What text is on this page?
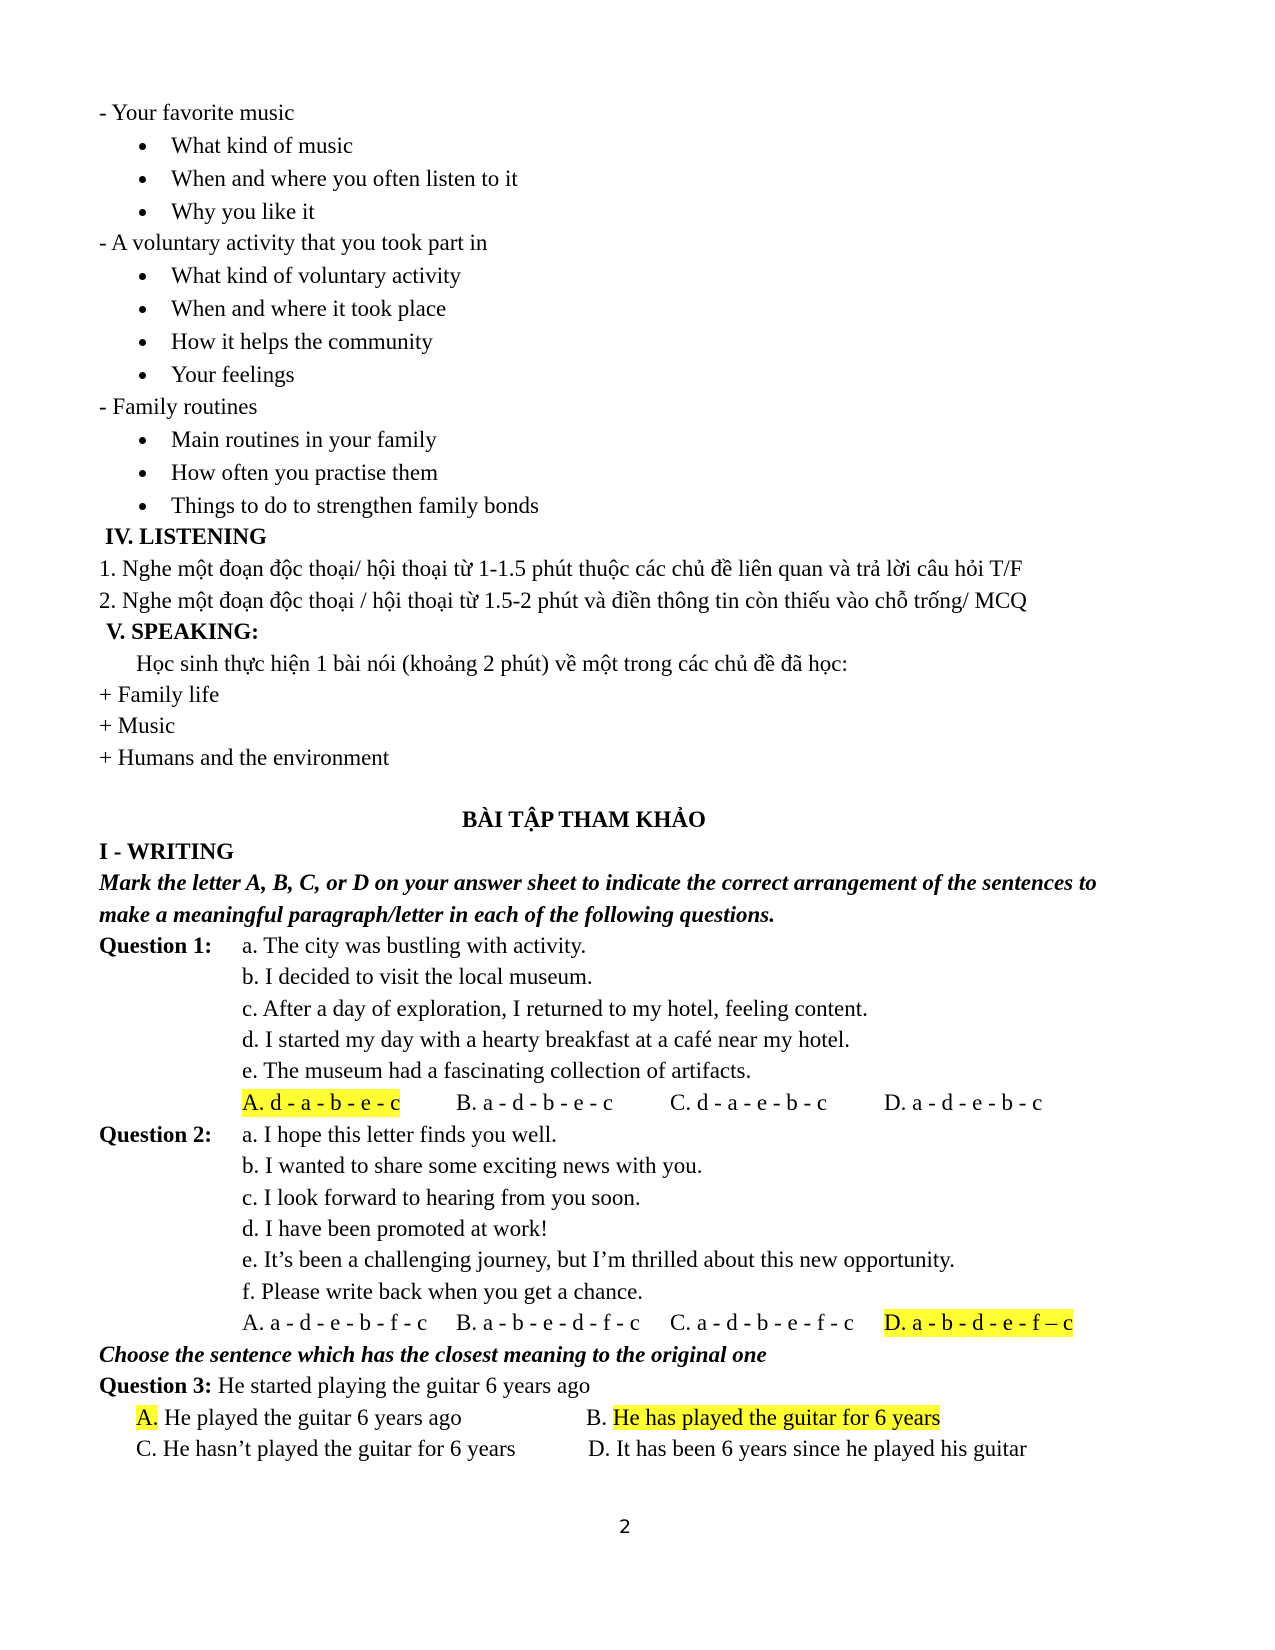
- Your favorite music
What kind of music
When and where you often listen to it
Why you like it
- A voluntary activity that you took part in
What kind of voluntary activity
When and where it took place
How it helps the community
Your feelings
- Family routines
Main routines in your family
How often you practise them
Things to do to strengthen family bonds
IV. LISTENING
1. Nghe một đoạn độc thoại/ hội thoại từ 1-1.5 phút thuộc các chủ đề liên quan và trả lời câu hỏi T/F
2. Nghe một đoạn độc thoại / hội thoại từ 1.5-2 phút và điền thông tin còn thiếu vào chỗ trống/ MCQ
V. SPEAKING:
Học sinh thực hiện 1 bài nói (khoảng 2 phút) về một trong các chủ đề đã học:
+ Family life
+ Music
+ Humans and the environment
BÀI TẬP THAM KHẢO
I - WRITING
Mark the letter A, B, C, or D on your answer sheet to indicate the correct arrangement of the sentences to
make a meaningful paragraph/letter in each of the following questions.
Question 1: a. The city was bustling with activity.
b. I decided to visit the local museum.
c. After a day of exploration, I returned to my hotel, feeling content.
d. I started my day with a hearty breakfast at a café near my hotel.
e. The museum had a fascinating collection of artifacts.
A. d - a - b - e - c B. a - d - b - e - c C. d - a - e - b - c D. a - d - e - b - c
Question 2: a. I hope this letter finds you well.
b. I wanted to share some exciting news with you.
c. I look forward to hearing from you soon.
d. I have been promoted at work!
e. It’s been a challenging journey, but I’m thrilled about this new opportunity.
f. Please write back when you get a chance.
A. a - d - e - b - f - c B. a - b - e - d - f - c C. a - d - b - e - f - c D. a - b - d - e - f – c
Choose the sentence which has the closest meaning to the original one
Question 3: He started playing the guitar 6 years ago
A. He played the guitar 6 years ago	B. He has played the guitar for 6 years
C. He hasn’t played the guitar for 6 years	D. It has been 6 years since he played his guitar
2
